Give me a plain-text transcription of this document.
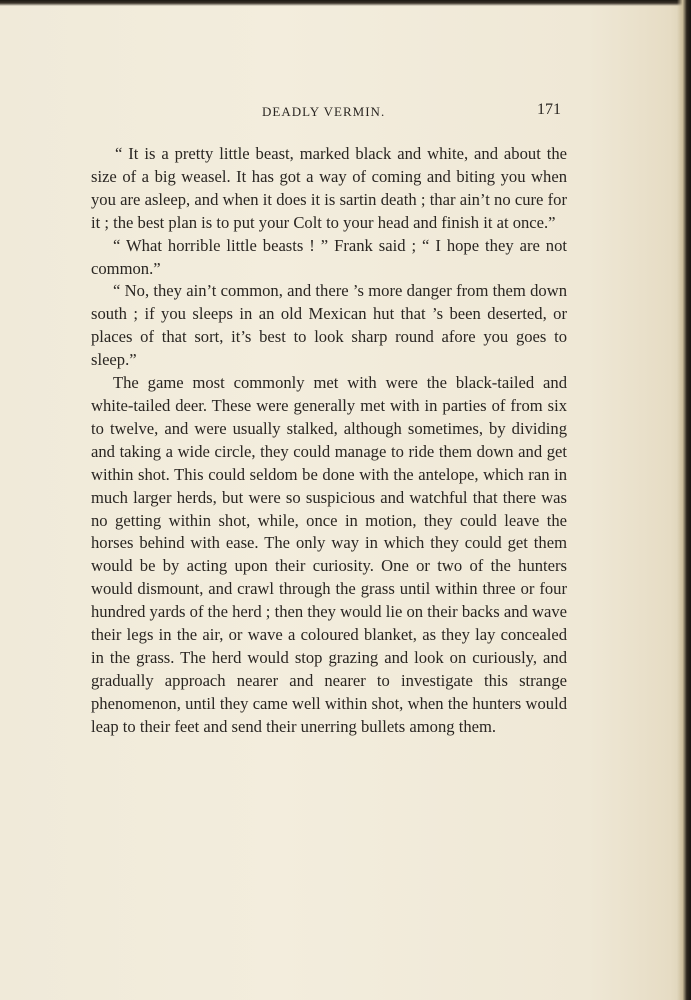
DEADLY VERMIN.	171

“ It is a pretty little beast, marked black and white, and about the size of a big weasel. It has got a way of coming and biting you when you are asleep, and when it does it is sartin death ; thar ain’t no cure for it ; the best plan is to put your Colt to your head and finish it at once.”

“ What horrible little beasts ! ” Frank said ; “ I hope they are not common.”

“ No, they ain’t common, and there ’s more danger from them down south ; if you sleeps in an old Mexican hut that ’s been deserted, or places of that sort, it’s best to look sharp round afore you goes to sleep.”

The game most commonly met with were the black-tailed and white-tailed deer. These were generally met with in parties of from six to twelve, and were usually stalked, although sometimes, by dividing and taking a wide circle, they could manage to ride them down and get within shot. This could seldom be done with the antelope, which ran in much larger herds, but were so suspicious and watchful that there was no getting within shot, while, once in motion, they could leave the horses behind with ease. The only way in which they could get them would be by acting upon their curiosity. One or two of the hunters would dismount, and crawl through the grass until within three or four hundred yards of the herd ; then they would lie on their backs and wave their legs in the air, or wave a coloured blanket, as they lay concealed in the grass. The herd would stop grazing and look on curiously, and gradually approach nearer and nearer to investigate this strange phenomenon, until they came well within shot, when the hunters would leap to their feet and send their unerring bullets among them.
